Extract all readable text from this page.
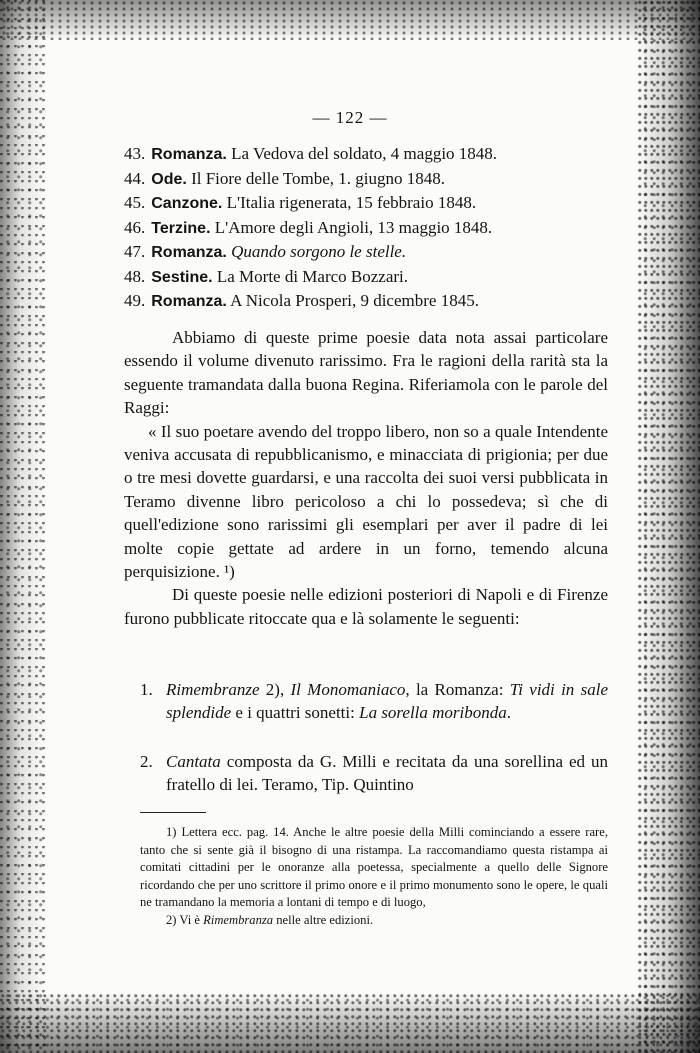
— 122 —
43. Romanza. La Vedova del soldato, 4 maggio 1848.
44. Ode. Il Fiore delle Tombe, 1. giugno 1848.
45. Canzone. L'Italia rigenerata, 15 febbraio 1848.
46. Terzine. L'Amore degli Angioli, 13 maggio 1848.
47. Romanza. Quando sorgono le stelle.
48. Sestine. La Morte di Marco Bozzari.
49. Romanza. A Nicola Prosperi, 9 dicembre 1845.

Abbiamo di queste prime poesie data nota assai particolare essendo il volume divenuto rarissimo. Fra le ragioni della rarità sta la seguente tramandata dalla buona Regina. Riferiamola con le parole del Raggi:

« Il suo poetare avendo del troppo libero, non so a quale Intendente veniva accusata di repubblicanismo, e minacciata di prigionia; per due o tre mesi dovette guardarsi, e una raccolta dei suoi versi pubblicata in Teramo divenne libro pericoloso a chi lo possedeva; sì che di quell'edizione sono rarissimi gli esemplari per aver il padre di lei molte copie gettate ad ardere in un forno, temendo alcuna perquisizione. ¹)

Di queste poesie nelle edizioni posteriori di Napoli e di Firenze furono pubblicate ritoccate qua e là solamente le seguenti:

1. Rimembranze 2), Il Monomaniaco, la Romanza: Ti vidi in sale splendide e i quattri sonetti: La sorella moribonda.
2. Cantata composta da G. Milli e recitata da una sorellina ed un fratello di lei. Teramo, Tip. Quintino

1) Lettera ecc. pag. 14. Anche le altre poesie della Milli cominciando a essere rare, tanto che si sente già il bisogno di una ristampa. La raccomandiamo questa ristampa ai comitati cittadini per le onoranze alla poetessa, specialmente a quello delle Signore ricordando che per uno scrittore il primo onore e il primo monumento sono le opere, le quali ne tramandano la memoria a lontani di tempo e di luogo,

2) Vi è Rimembranza nelle altre edizioni.
